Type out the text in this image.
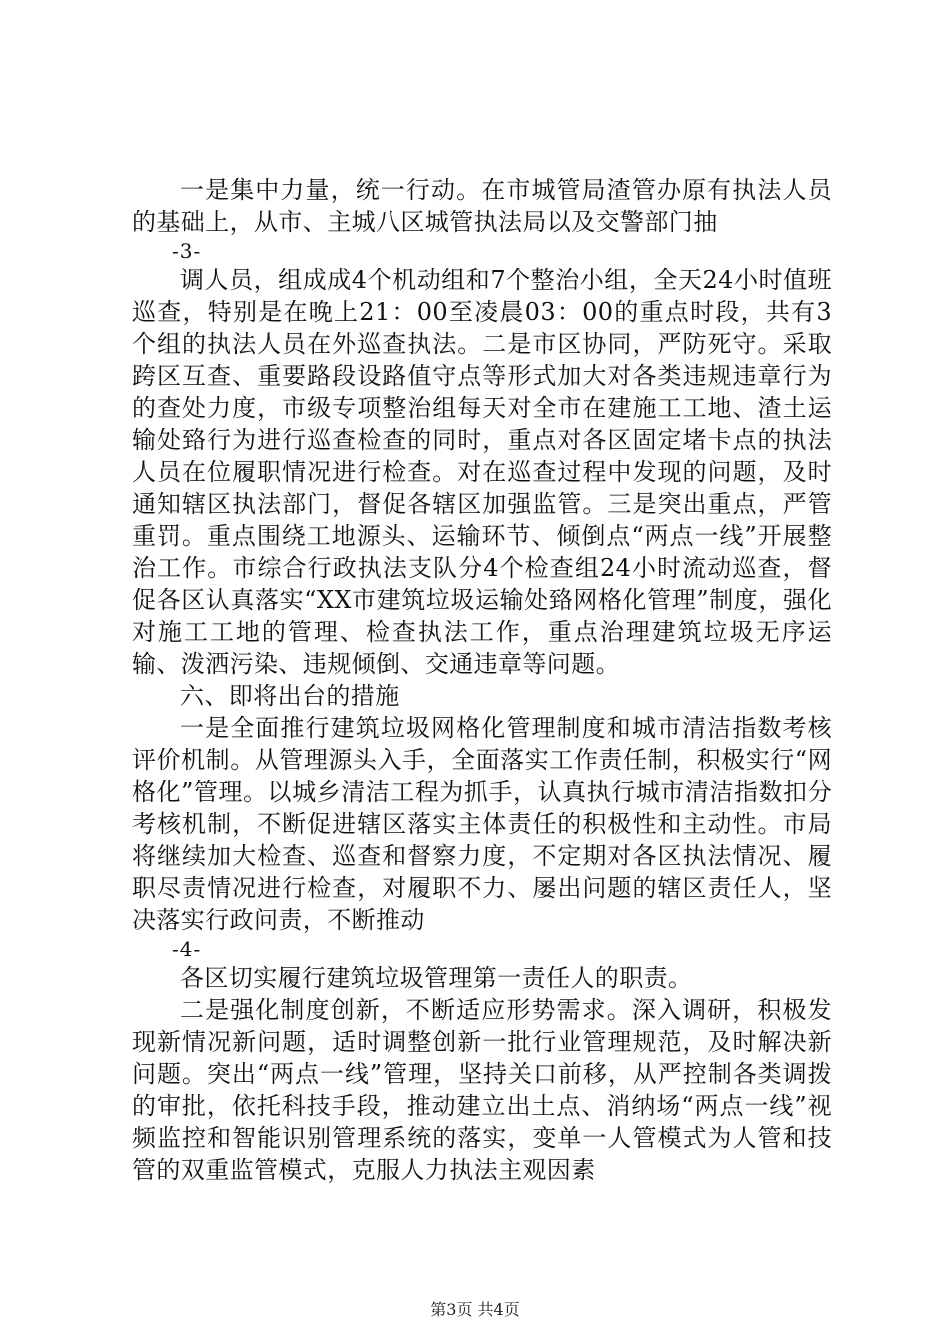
一是集中力量，统一行动。在市城管局渣管办原有执法人员的基础上，从市、主城八区城管执法局以及交警部门抽

-3-

调人员，组成成4个机动组和7个整治小组，全天24小时值班巡查，特别是在晚上21：00至凌晨03：00的重点时段，共有3个组的执法人员在外巡查执法。二是市区协同，严防死守。采取跨区互查、重要路段设路值守点等形式加大对各类违规违章行为的查处力度，市级专项整治组每天对全市在建施工工地、渣土运输处臵行为进行巡查检查的同时，重点对各区固定堵卡点的执法人员在位履职情况进行检查。对在巡查过程中发现的问题，及时通知辖区执法部门，督促各辖区加强监管。三是突出重点，严管重罚。重点围绕工地源头、运输环节、倾倒点“两点一线”开展整治工作。市综合行政执法支队分4个检查组24小时流动巡查，督促各区认真落实“XX市建筑垃圾运输处臵网格化管理”制度，强化对施工工地的管理、检查执法工作，重点治理建筑垃圾无序运输、泼洒污染、违规倾倒、交通违章等问题。

六、即将出台的措施

一是全面推行建筑垃圾网格化管理制度和城市清洁指数考核评价机制。从管理源头入手，全面落实工作责任制，积极实行“网格化”管理。以城乡清洁工程为抓手，认真执行城市清洁指数扣分考核机制，不断促进辖区落实主体责任的积极性和主动性。市局将继续加大检查、巡查和督察力度，不定期对各区执法情况、履职尽责情况进行检查，对履职不力、屡出问题的辖区责任人，坚决落实行政问责，不断推动

-4-

各区切实履行建筑垃圾管理第一责任人的职责。

二是强化制度创新，不断适应形势需求。深入调研，积极发现新情况新问题，适时调整创新一批行业管理规范，及时解决新问题。突出“两点一线”管理，坚持关口前移，从严控制各类调拨的审批，依托科技手段，推动建立出土点、消纳场“两点一线”视频监控和智能识别管理系统的落实，变单一人管模式为人管和技管的双重监管模式，克服人力执法主观因素

第3页 共4页
